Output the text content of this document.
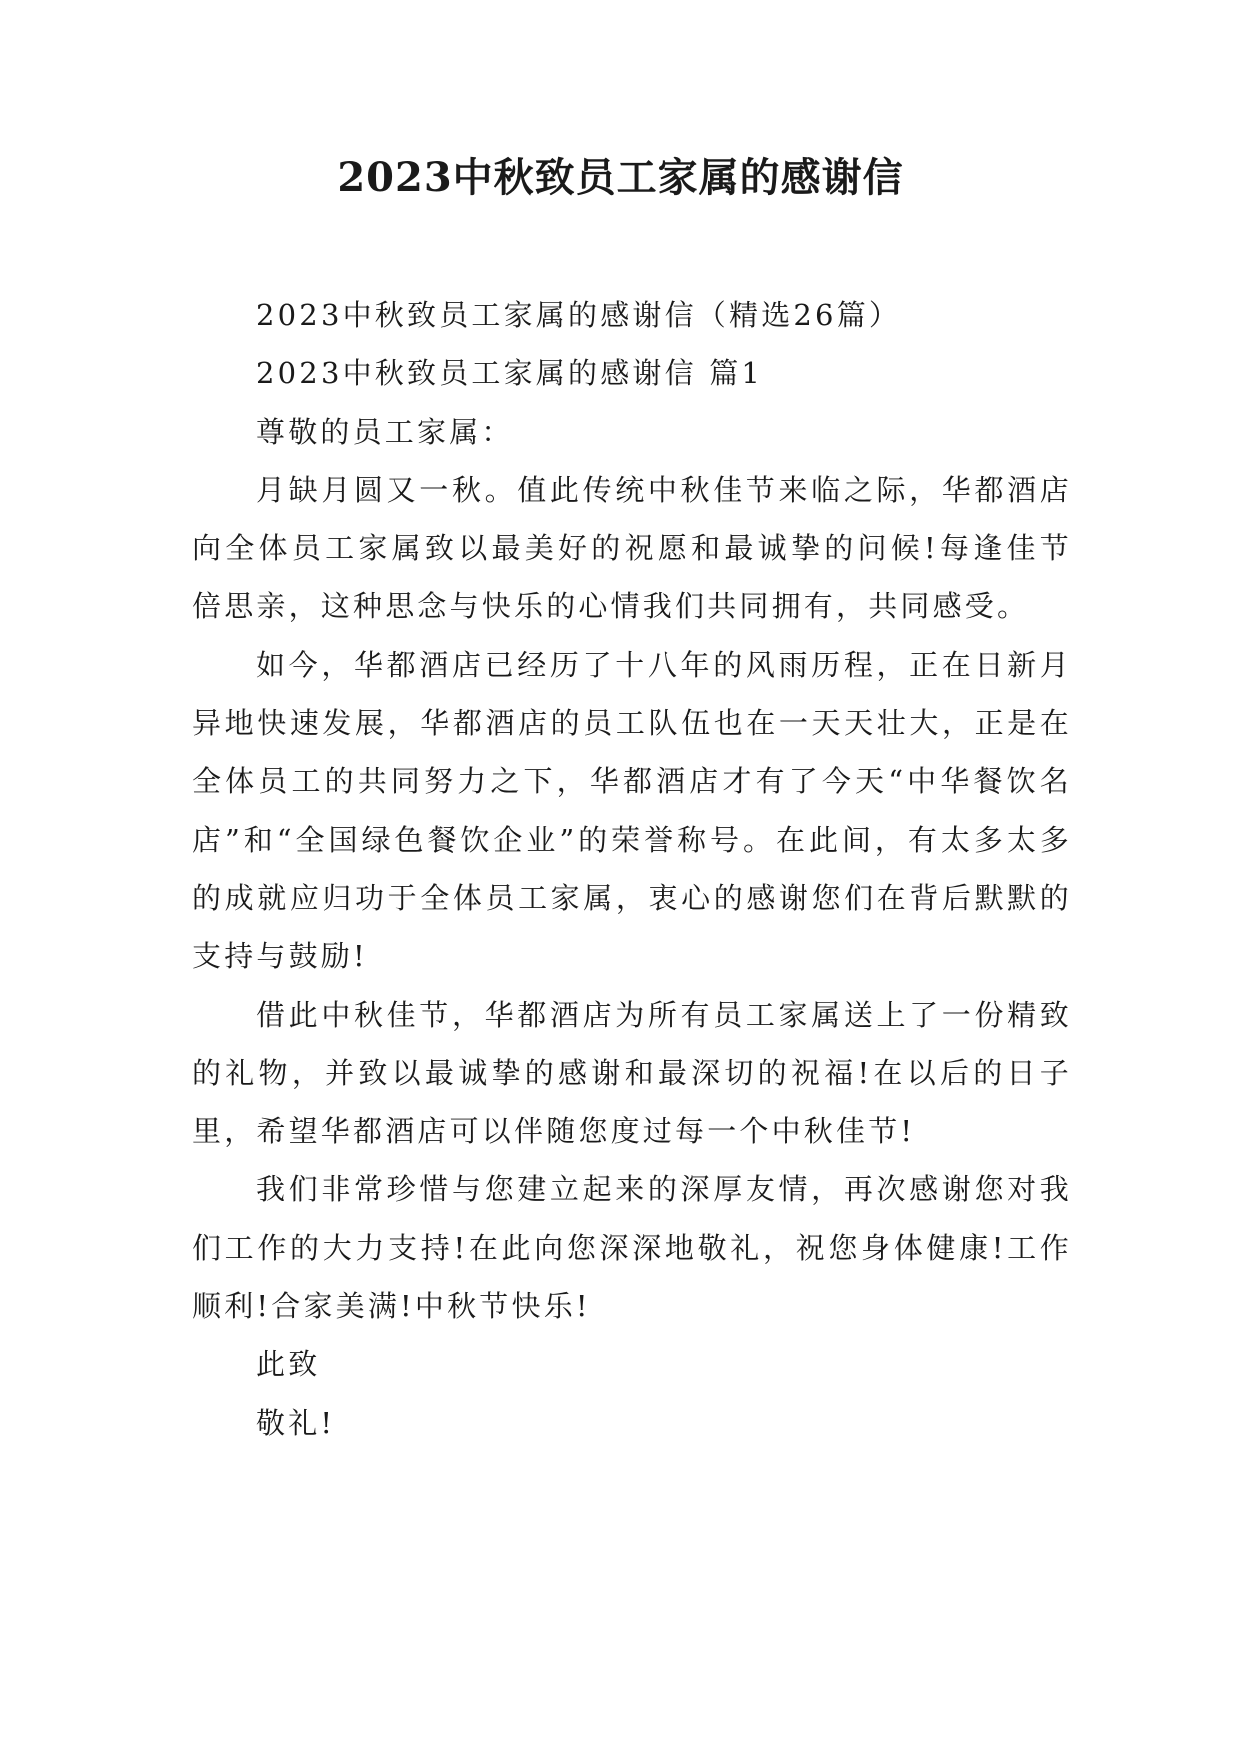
2023中秋致员工家属的感谢信

2023中秋致员工家属的感谢信（精选26篇）

2023中秋致员工家属的感谢信 篇1

尊敬的员工家属：

月缺月圆又一秋。值此传统中秋佳节来临之际，华都酒店向全体员工家属致以最美好的祝愿和最诚挚的问候!每逢佳节倍思亲，这种思念与快乐的心情我们共同拥有，共同感受。

如今，华都酒店已经历了十八年的风雨历程，正在日新月异地快速发展，华都酒店的员工队伍也在一天天壮大，正是在全体员工的共同努力之下，华都酒店才有了今天“中华餐饮名店”和“全国绿色餐饮企业”的荣誉称号。在此间，有太多太多的成就应归功于全体员工家属，衷心的感谢您们在背后默默的支持与鼓励!

借此中秋佳节，华都酒店为所有员工家属送上了一份精致的礼物，并致以最诚挚的感谢和最深切的祝福!在以后的日子里，希望华都酒店可以伴随您度过每一个中秋佳节!

我们非常珍惜与您建立起来的深厚友情，再次感谢您对我们工作的大力支持!在此向您深深地敬礼，祝您身体健康!工作顺利!合家美满!中秋节快乐!

此致

敬礼!
